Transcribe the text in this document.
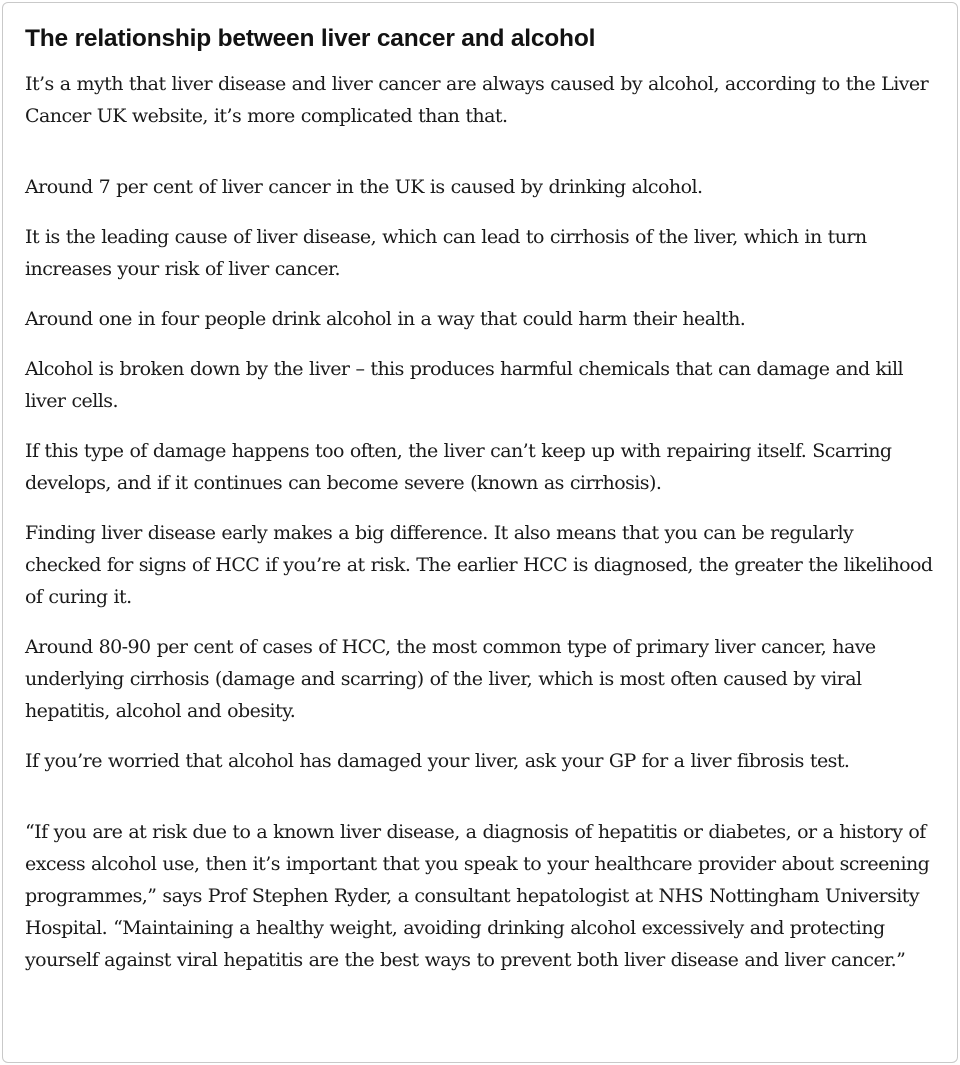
The relationship between liver cancer and alcohol

It’s a myth that liver disease and liver cancer are always caused by alcohol, according to the Liver Cancer UK website, it’s more complicated than that.

Around 7 per cent of liver cancer in the UK is caused by drinking alcohol.

It is the leading cause of liver disease, which can lead to cirrhosis of the liver, which in turn increases your risk of liver cancer.

Around one in four people drink alcohol in a way that could harm their health.

Alcohol is broken down by the liver – this produces harmful chemicals that can damage and kill liver cells.

If this type of damage happens too often, the liver can’t keep up with repairing itself. Scarring develops, and if it continues can become severe (known as cirrhosis).

Finding liver disease early makes a big difference. It also means that you can be regularly checked for signs of HCC if you’re at risk. The earlier HCC is diagnosed, the greater the likelihood of curing it.

Around 80-90 per cent of cases of HCC, the most common type of primary liver cancer, have underlying cirrhosis (damage and scarring) of the liver, which is most often caused by viral hepatitis, alcohol and obesity.

If you’re worried that alcohol has damaged your liver, ask your GP for a liver fibrosis test.

“If you are at risk due to a known liver disease, a diagnosis of hepatitis or diabetes, or a history of excess alcohol use, then it’s important that you speak to your healthcare provider about screening programmes,” says Prof Stephen Ryder, a consultant hepatologist at NHS Nottingham University Hospital. “Maintaining a healthy weight, avoiding drinking alcohol excessively and protecting yourself against viral hepatitis are the best ways to prevent both liver disease and liver cancer.”
